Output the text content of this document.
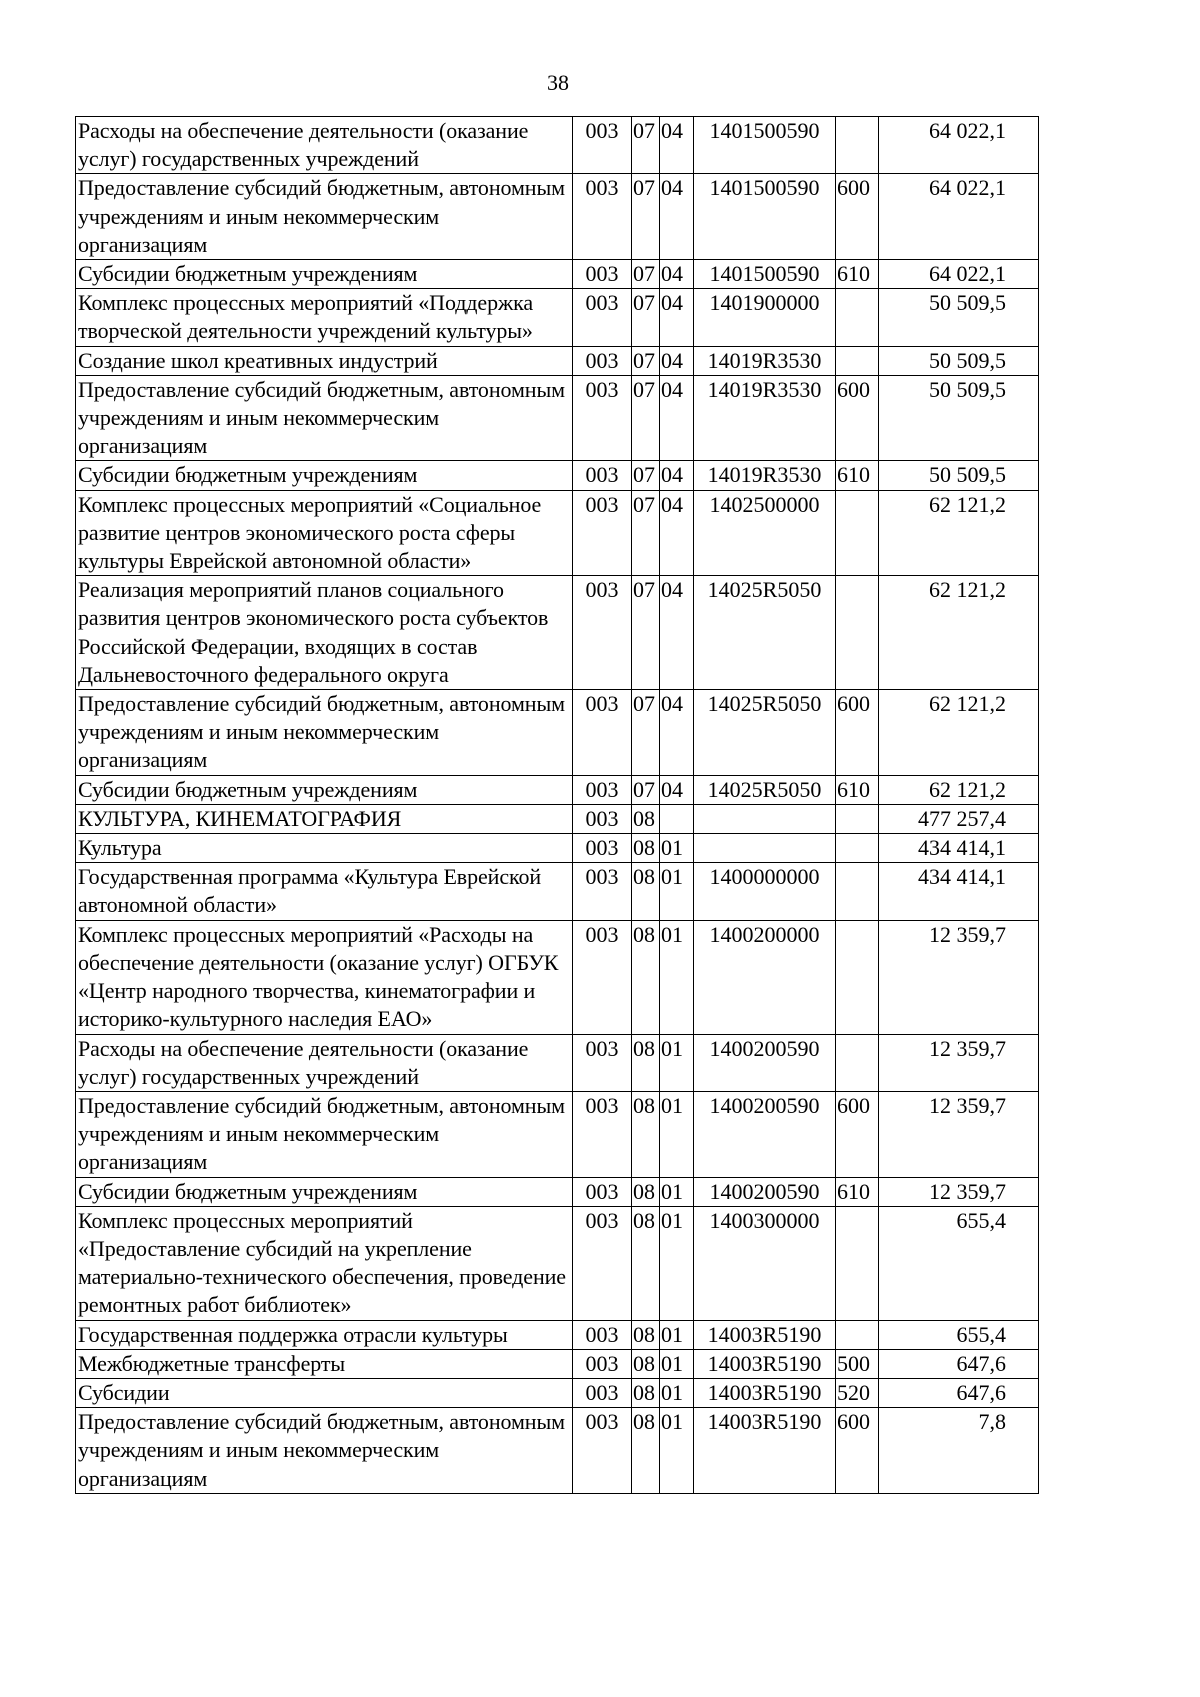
38
Расходы на обеспечение деятельности (оказание услуг) государственных учреждений	003	07	04	1401500590		64 022,1
Предоставление субсидий бюджетным, автономным учреждениям и иным некоммерческим организациям	003	07	04	1401500590	600	64 022,1
Субсидии бюджетным учреждениям	003	07	04	1401500590	610	64 022,1
Комплекс процессных мероприятий «Поддержка творческой деятельности учреждений культуры»	003	07	04	1401900000		50 509,5
Создание школ креативных индустрий	003	07	04	14019R3530		50 509,5
Предоставление субсидий бюджетным, автономным учреждениям и иным некоммерческим организациям	003	07	04	14019R3530	600	50 509,5
Субсидии бюджетным учреждениям	003	07	04	14019R3530	610	50 509,5
Комплекс процессных мероприятий «Социальное развитие центров экономического роста сферы культуры Еврейской автономной области»	003	07	04	1402500000		62 121,2
Реализация мероприятий планов социального развития центров экономического роста субъектов Российской Федерации, входящих в состав Дальневосточного федерального округа	003	07	04	14025R5050		62 121,2
Предоставление субсидий бюджетным, автономным учреждениям и иным некоммерческим организациям	003	07	04	14025R5050	600	62 121,2
Субсидии бюджетным учреждениям	003	07	04	14025R5050	610	62 121,2
КУЛЬТУРА, КИНЕМАТОГРАФИЯ	003	08				477 257,4
Культура	003	08	01			434 414,1
Государственная программа «Культура Еврейской автономной области»	003	08	01	1400000000		434 414,1
Комплекс процессных мероприятий «Расходы на обеспечение деятельности (оказание услуг) ОГБУК «Центр народного творчества, кинематографии и историко-культурного наследия ЕАО»	003	08	01	1400200000		12 359,7
Расходы на обеспечение деятельности (оказание услуг) государственных учреждений	003	08	01	1400200590		12 359,7
Предоставление субсидий бюджетным, автономным учреждениям и иным некоммерческим организациям	003	08	01	1400200590	600	12 359,7
Субсидии бюджетным учреждениям	003	08	01	1400200590	610	12 359,7
Комплекс процессных мероприятий «Предоставление субсидий на укрепление материально-технического обеспечения, проведение ремонтных работ библиотек»	003	08	01	1400300000		655,4
Государственная поддержка отрасли культуры	003	08	01	14003R5190		655,4
Межбюджетные трансферты	003	08	01	14003R5190	500	647,6
Субсидии	003	08	01	14003R5190	520	647,6
Предоставление субсидий бюджетным, автономным учреждениям и иным некоммерческим организациям	003	08	01	14003R5190	600	7,8
